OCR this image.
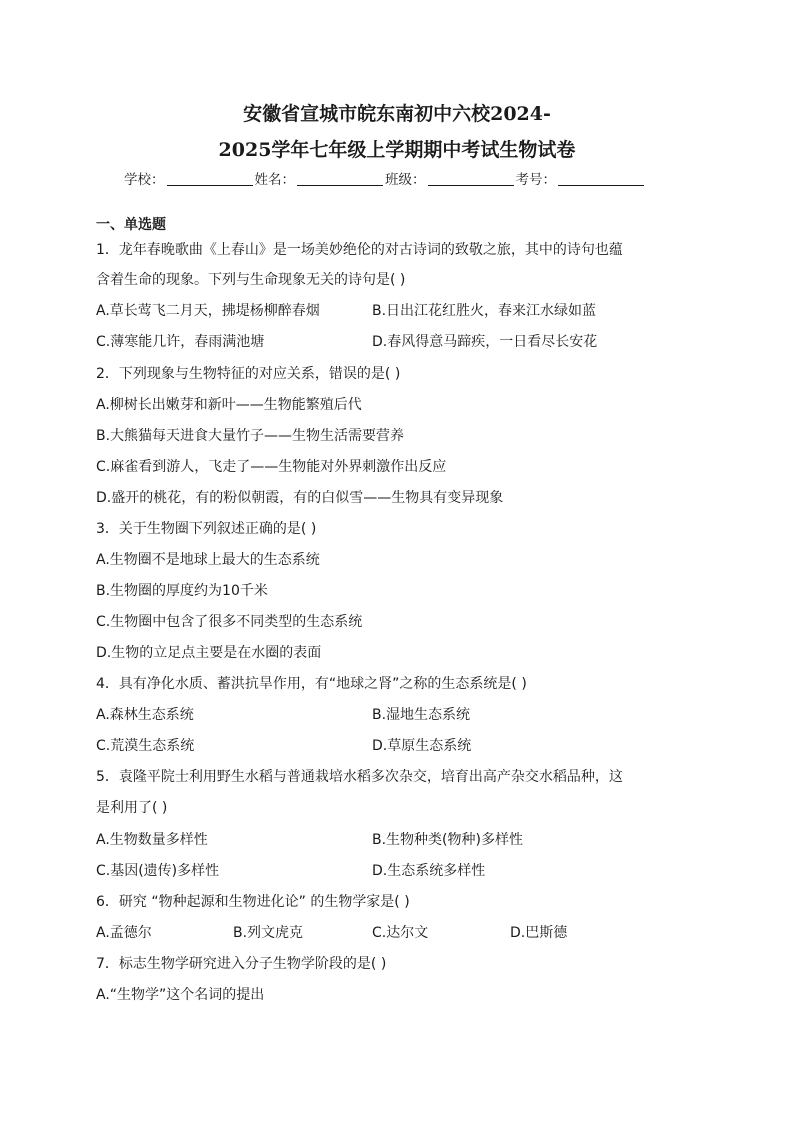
安徽省宣城市皖东南初中六校2024-
2025学年七年级上学期期中考试生物试卷
学校：	姓名：	班级：	考号：
一、单选题
1．龙年春晚歌曲《上春山》是一场美妙绝伦的对古诗词的致敬之旅，其中的诗句也蕴
含着生命的现象。下列与生命现象无关的诗句是( )
A.草长莺飞二月天，拂堤杨柳醉春烟	B.日出江花红胜火，春来江水绿如蓝
C.薄寒能几许，春雨满池塘	D.春风得意马蹄疾，一日看尽长安花
2．下列现象与生物特征的对应关系，错误的是( )
A.柳树长出嫩芽和新叶——生物能繁殖后代
B.大熊猫每天进食大量竹子——生物生活需要营养
C.麻雀看到游人，飞走了——生物能对外界刺激作出反应
D.盛开的桃花，有的粉似朝霞，有的白似雪——生物具有变异现象
3．关于生物圈下列叙述正确的是( )
A.生物圈不是地球上最大的生态系统
B.生物圈的厚度约为10千米
C.生物圈中包含了很多不同类型的生态系统
D.生物的立足点主要是在水圈的表面
4．具有净化水质、蓄洪抗旱作用，有“地球之肾”之称的生态系统是( )
A.森林生态系统	B.湿地生态系统
C.荒漠生态系统	D.草原生态系统
5．袁隆平院士利用野生水稻与普通栽培水稻多次杂交，培育出高产杂交水稻品种，这
是利用了( )
A.生物数量多样性	B.生物种类(物种)多样性
C.基因(遗传)多样性	D.生态系统多样性
6．研究 “物种起源和生物进化论” 的生物学家是( )
A.孟德尔	B.列文虎克	C.达尔文	D.巴斯德
7．标志生物学研究进入分子生物学阶段的是( )
A.“生物学”这个名词的提出
